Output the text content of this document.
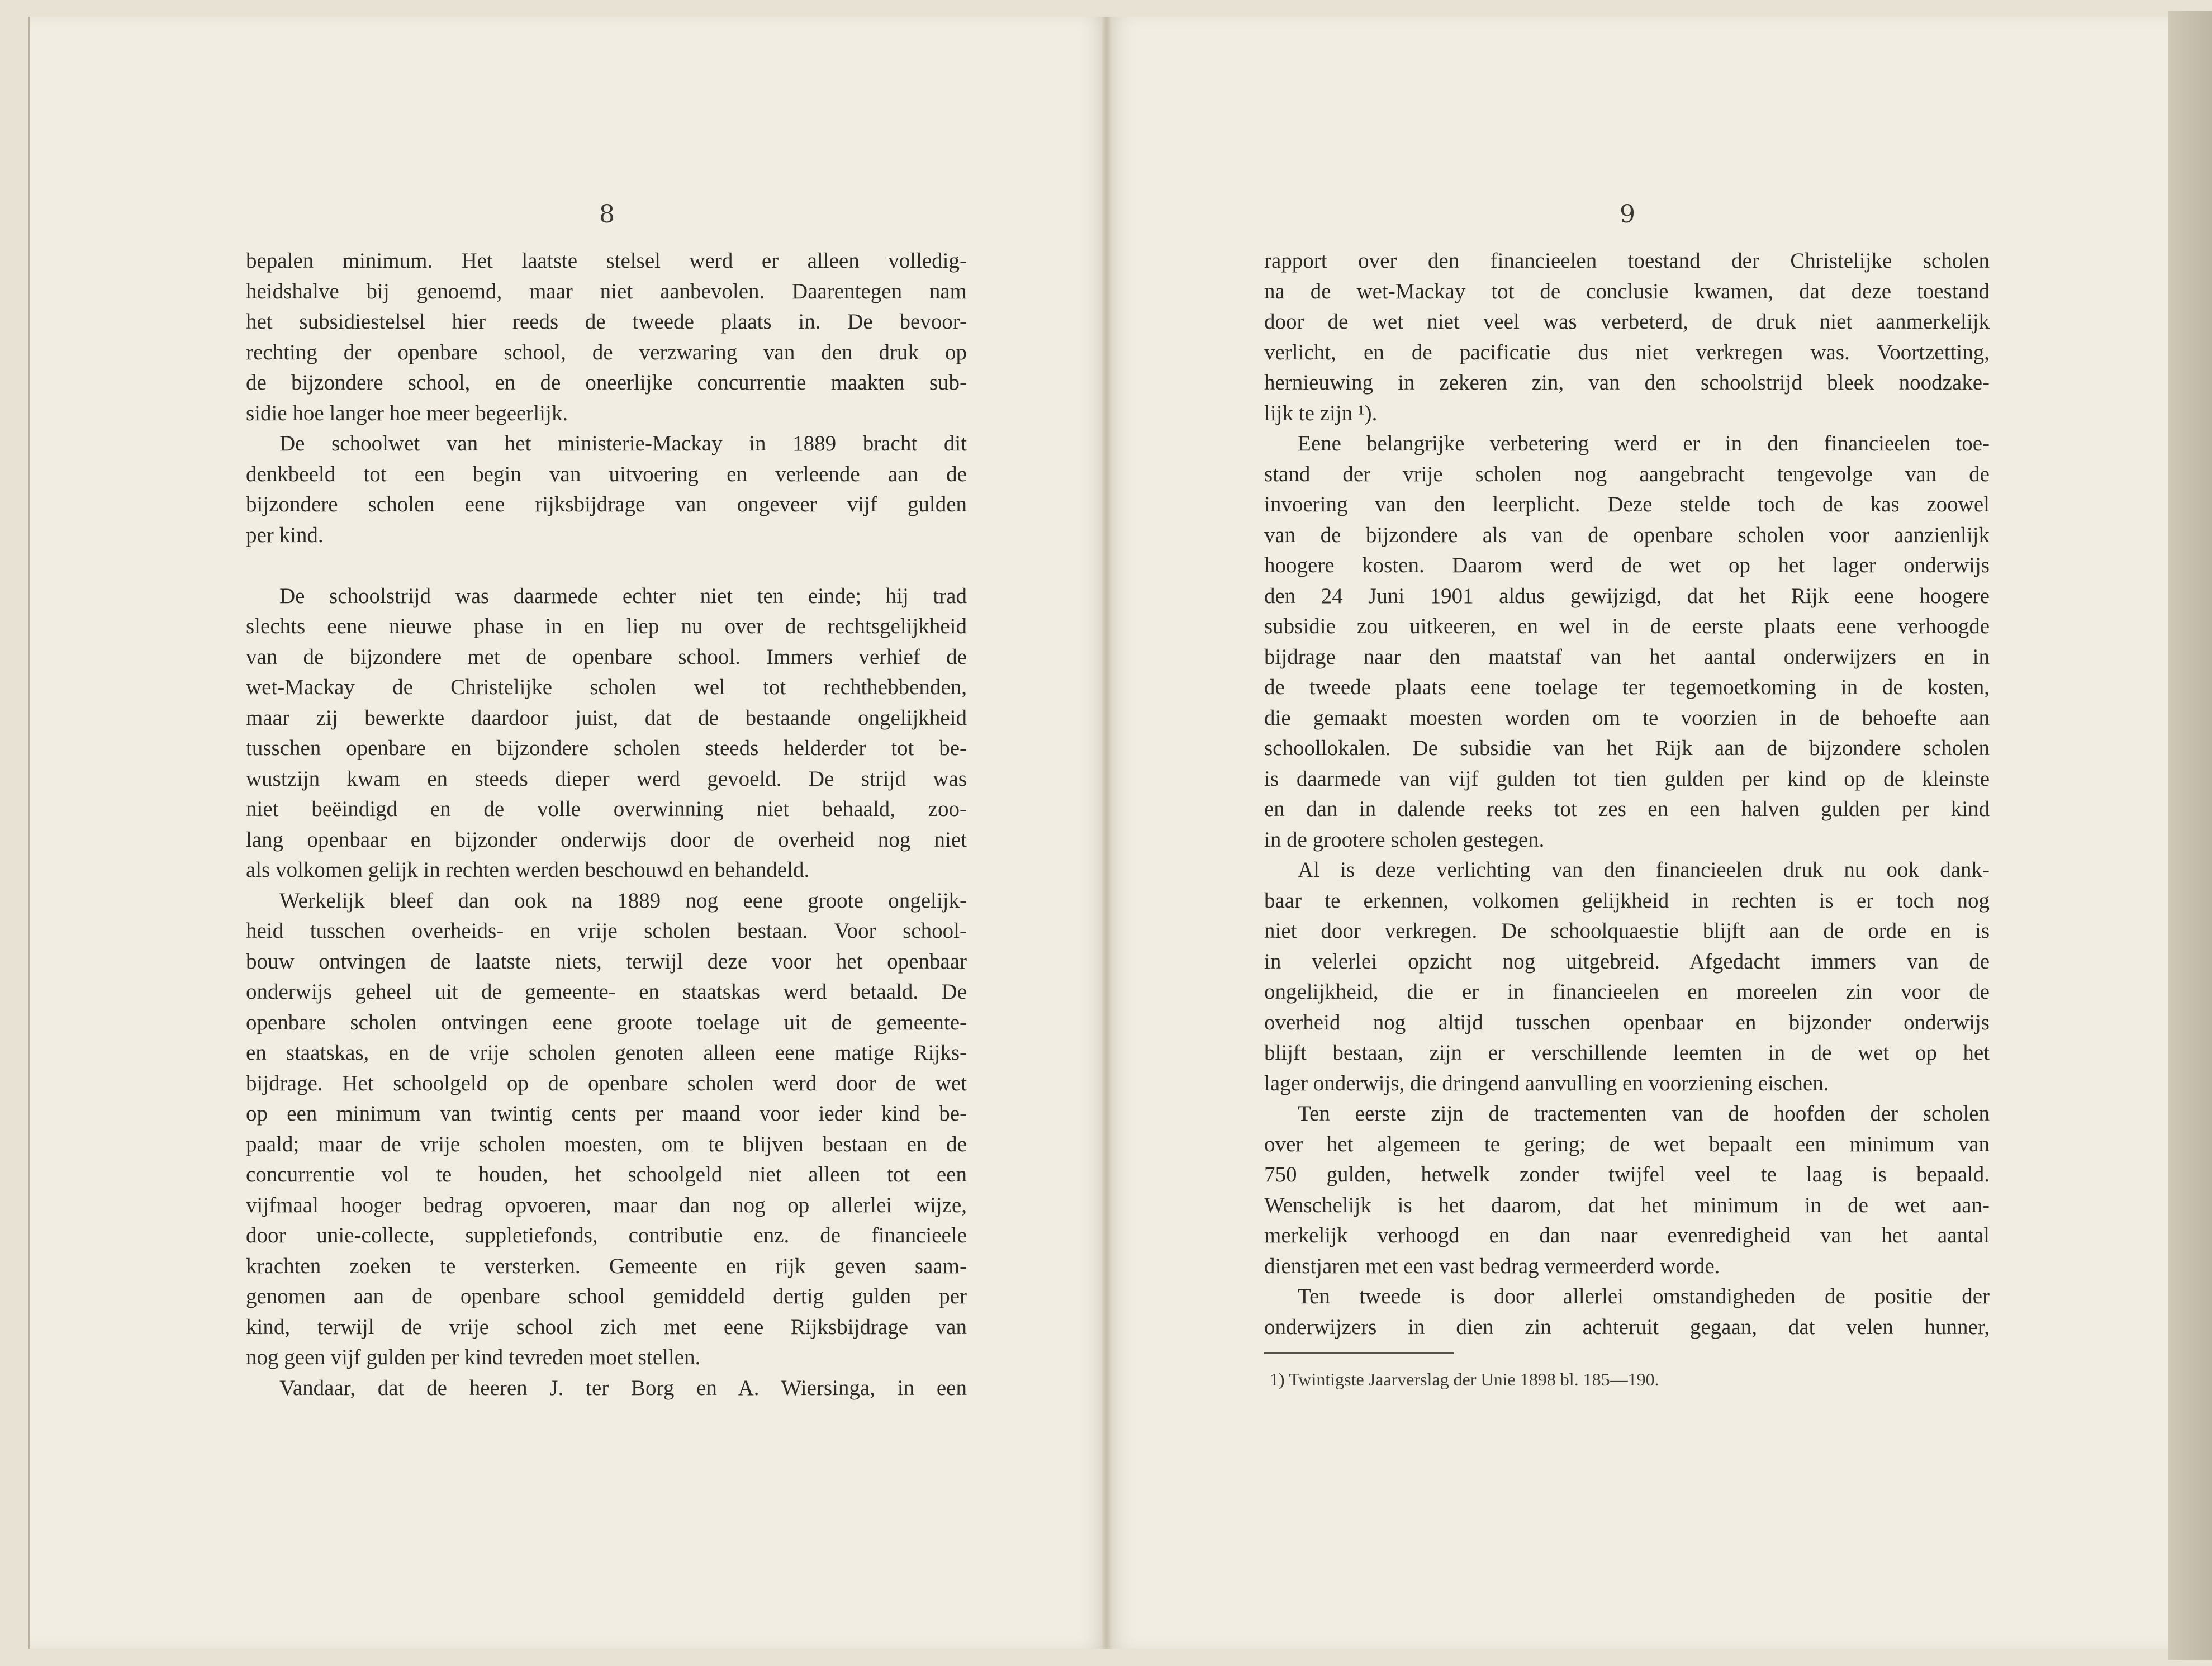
8	9
bepalen minimum. Het laatste stelsel werd er alleen volledig-
heidshalve bij genoemd, maar niet aanbevolen. Daarentegen nam
het subsidiestelsel hier reeds de tweede plaats in. De bevoor-
rechting der openbare school, de verzwaring van den druk op
de bijzondere school, en de oneerlijke concurrentie maakten sub-
sidie hoe langer hoe meer begeerlijk.
De schoolwet van het ministerie-Mackay in 1889 bracht dit
denkbeeld tot een begin van uitvoering en verleende aan de
bijzondere scholen eene rijksbijdrage van ongeveer vijf gulden
per kind.
De schoolstrijd was daarmede echter niet ten einde; hij trad
slechts eene nieuwe phase in en liep nu over de rechtsgelijkheid
van de bijzondere met de openbare school. Immers verhief de
wet-Mackay de Christelijke scholen wel tot rechthebbenden,
maar zij bewerkte daardoor juist, dat de bestaande ongelijkheid
tusschen openbare en bijzondere scholen steeds helderder tot be-
wustzijn kwam en steeds dieper werd gevoeld. De strijd was
niet beëindigd en de volle overwinning niet behaald, zoo-
lang openbaar en bijzonder onderwijs door de overheid nog niet
als volkomen gelijk in rechten werden beschouwd en behandeld.
Werkelijk bleef dan ook na 1889 nog eene groote ongelijk-
heid tusschen overheids- en vrije scholen bestaan. Voor school-
bouw ontvingen de laatste niets, terwijl deze voor het openbaar
onderwijs geheel uit de gemeente- en staatskas werd betaald. De
openbare scholen ontvingen eene groote toelage uit de gemeente-
en staatskas, en de vrije scholen genoten alleen eene matige Rijks-
bijdrage. Het schoolgeld op de openbare scholen werd door de wet
op een minimum van twintig cents per maand voor ieder kind be-
paald; maar de vrije scholen moesten, om te blijven bestaan en de
concurrentie vol te houden, het schoolgeld niet alleen tot een
vijfmaal hooger bedrag opvoeren, maar dan nog op allerlei wijze,
door unie-collecte, suppletiefonds, contributie enz. de financieele
krachten zoeken te versterken. Gemeente en rijk geven saam-
genomen aan de openbare school gemiddeld dertig gulden per
kind, terwijl de vrije school zich met eene Rijksbijdrage van
nog geen vijf gulden per kind tevreden moet stellen.
Vandaar, dat de heeren J. ter Borg en A. Wiersinga, in een
rapport over den financieelen toestand der Christelijke scholen
na de wet-Mackay tot de conclusie kwamen, dat deze toestand
door de wet niet veel was verbeterd, de druk niet aanmerkelijk
verlicht, en de pacificatie dus niet verkregen was. Voortzetting,
hernieuwing in zekeren zin, van den schoolstrijd bleek noodzake-
lijk te zijn ¹).
Eene belangrijke verbetering werd er in den financieelen toe-
stand der vrije scholen nog aangebracht tengevolge van de
invoering van den leerplicht. Deze stelde toch de kas zoowel
van de bijzondere als van de openbare scholen voor aanzienlijk
hoogere kosten. Daarom werd de wet op het lager onderwijs
den 24 Juni 1901 aldus gewijzigd, dat het Rijk eene hoogere
subsidie zou uitkeeren, en wel in de eerste plaats eene verhoogde
bijdrage naar den maatstaf van het aantal onderwijzers en in
de tweede plaats eene toelage ter tegemoetkoming in de kosten,
die gemaakt moesten worden om te voorzien in de behoefte aan
schoollokalen. De subsidie van het Rijk aan de bijzondere scholen
is daarmede van vijf gulden tot tien gulden per kind op de kleinste
en dan in dalende reeks tot zes en een halven gulden per kind
in de grootere scholen gestegen.
Al is deze verlichting van den financieelen druk nu ook dank-
baar te erkennen, volkomen gelijkheid in rechten is er toch nog
niet door verkregen. De schoolquaestie blijft aan de orde en is
in velerlei opzicht nog uitgebreid. Afgedacht immers van de
ongelijkheid, die er in financieelen en moreelen zin voor de
overheid nog altijd tusschen openbaar en bijzonder onderwijs
blijft bestaan, zijn er verschillende leemten in de wet op het
lager onderwijs, die dringend aanvulling en voorziening eischen.
Ten eerste zijn de tractementen van de hoofden der scholen
over het algemeen te gering; de wet bepaalt een minimum van
750 gulden, hetwelk zonder twijfel veel te laag is bepaald.
Wenschelijk is het daarom, dat het minimum in de wet aan-
merkelijk verhoogd en dan naar evenredigheid van het aantal
dienstjaren met een vast bedrag vermeerderd worde.
Ten tweede is door allerlei omstandigheden de positie der
onderwijzers in dien zin achteruit gegaan, dat velen hunner,
1) Twintigste Jaarverslag der Unie 1898 bl. 185—190.
